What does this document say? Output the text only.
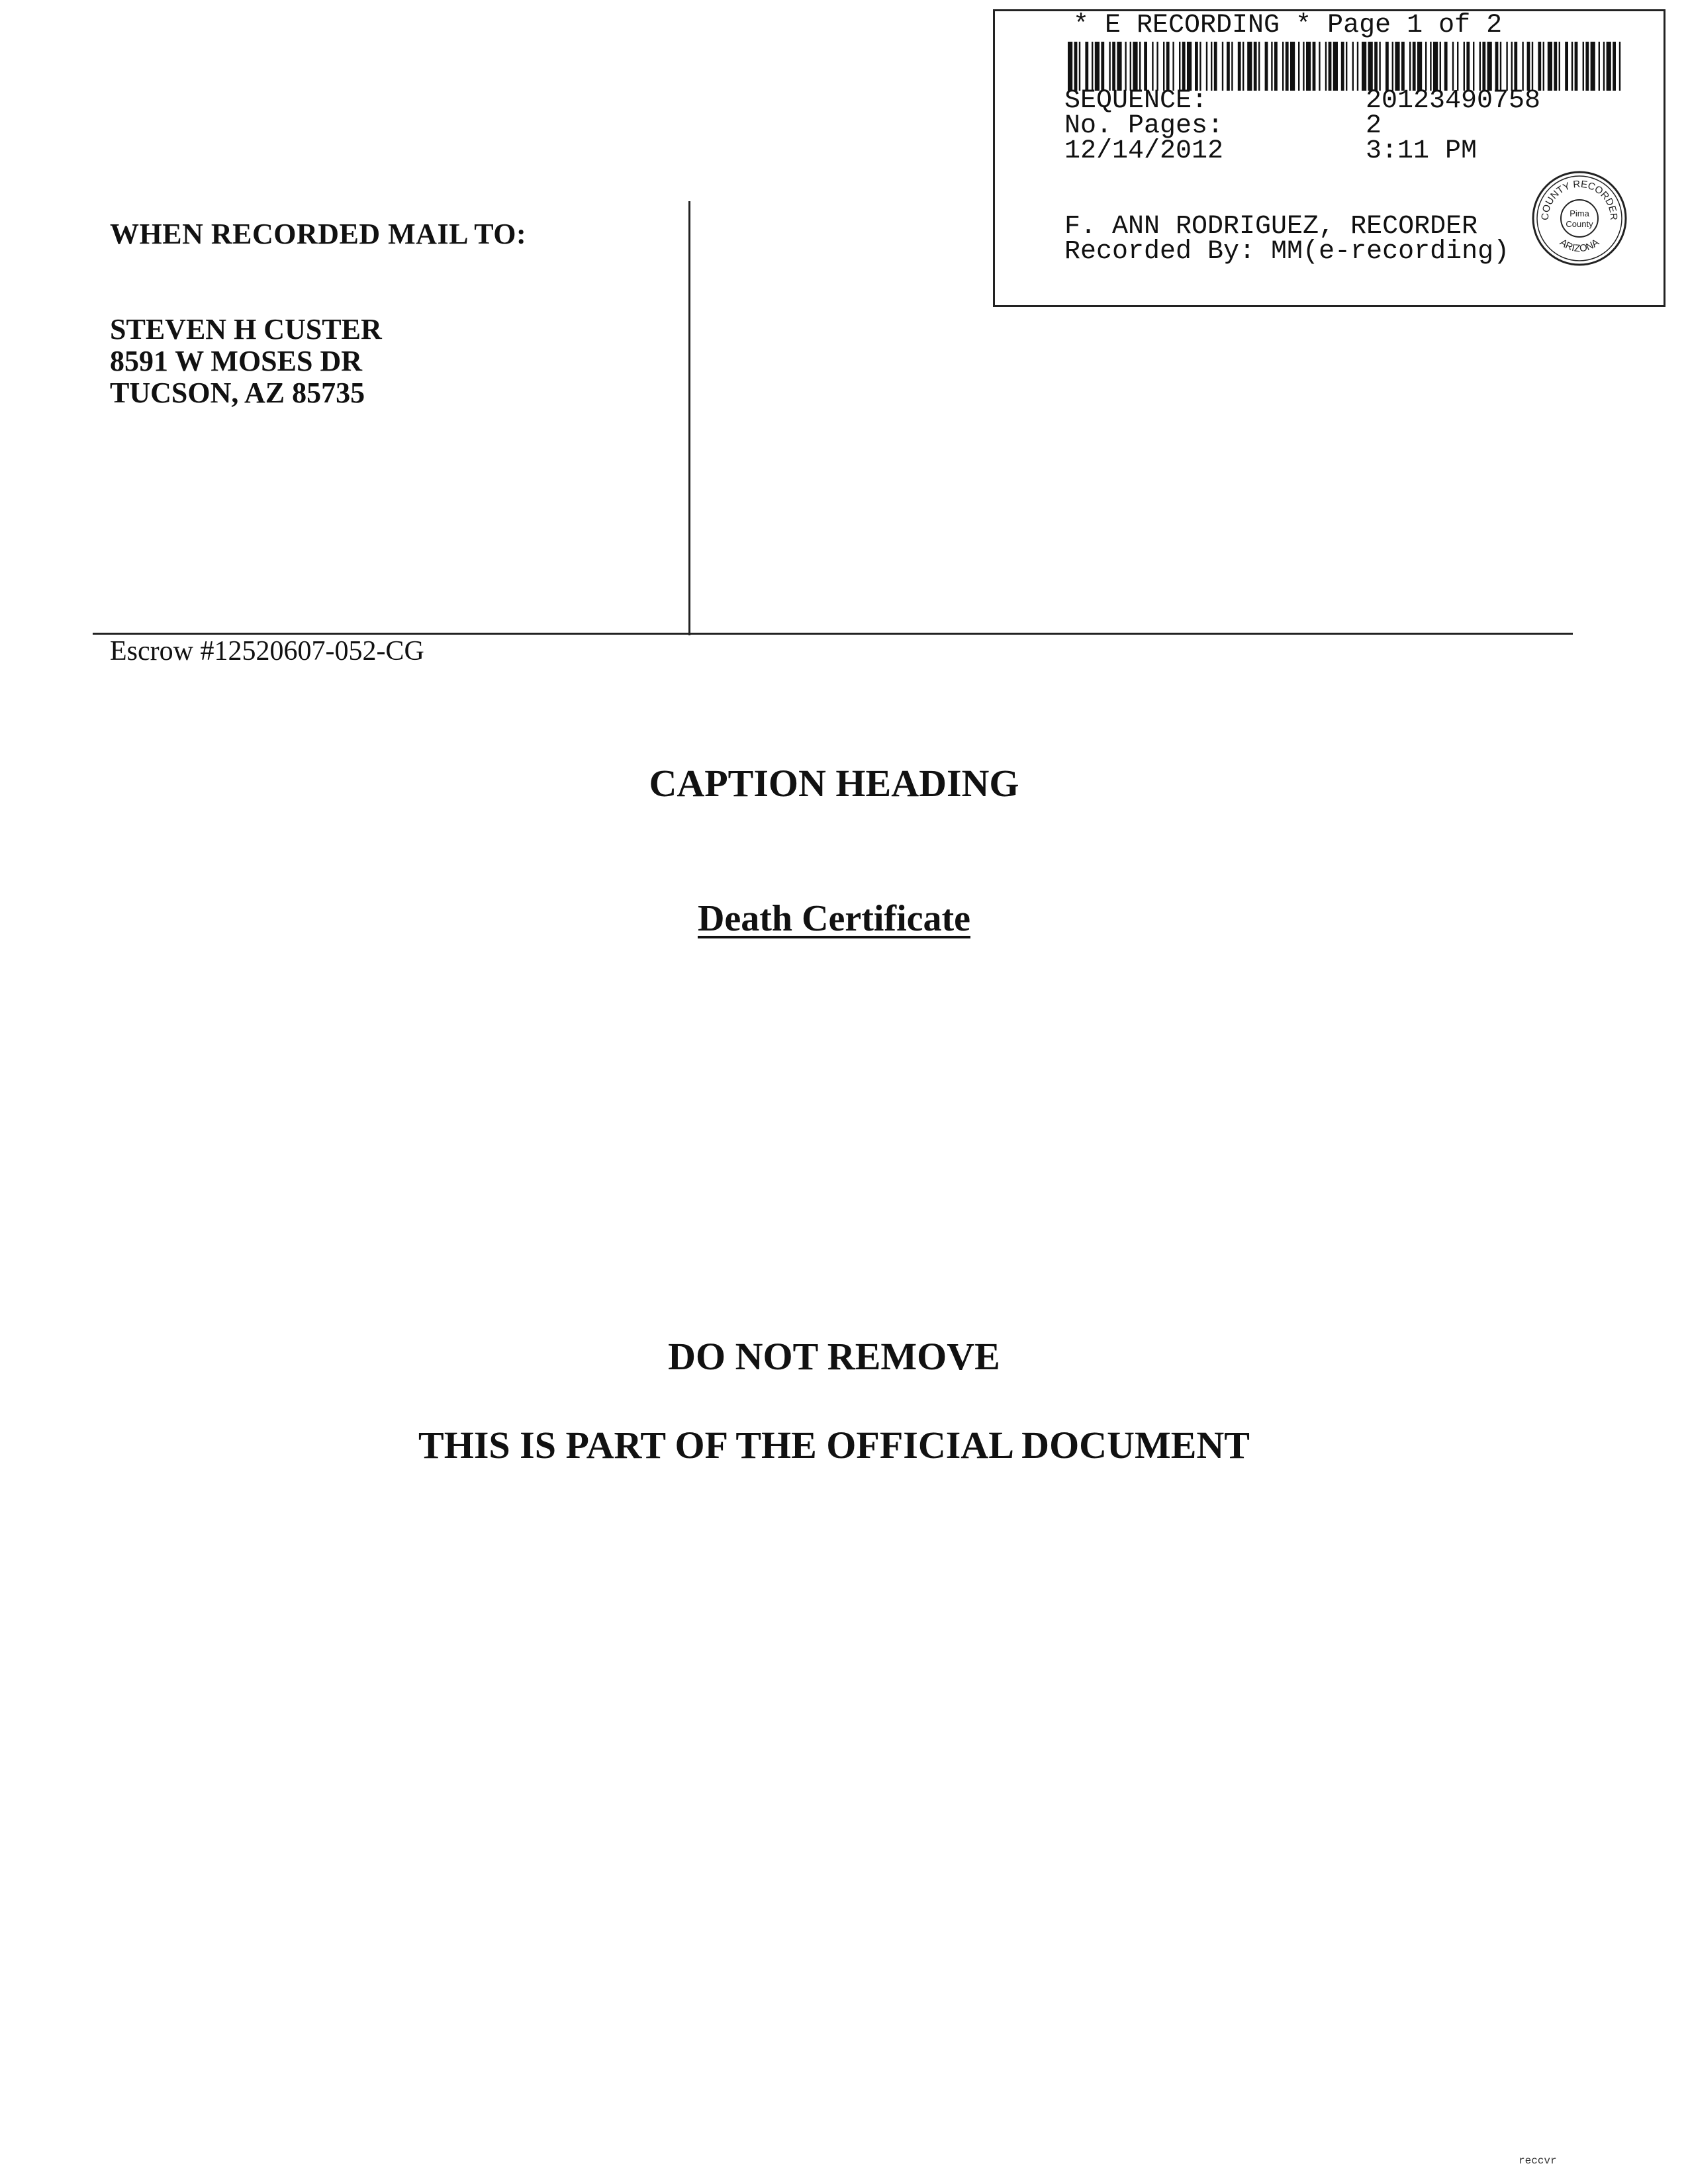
* E RECORDING * Page 1 of 2
SEQUENCE:	20123490758
No. Pages:	2
12/14/2012	3:11 PM
F. ANN RODRIGUEZ, RECORDER
Recorded By: MM(e-recording)
COUNTY RECORDER
ARIZONA
Pima
County
WHEN RECORDED MAIL TO:
STEVEN H CUSTER
8591 W MOSES DR
TUCSON, AZ 85735
Escrow #12520607-052-CG
CAPTION HEADING
Death Certificate
DO NOT REMOVE
THIS IS PART OF THE OFFICIAL DOCUMENT
reccvr
